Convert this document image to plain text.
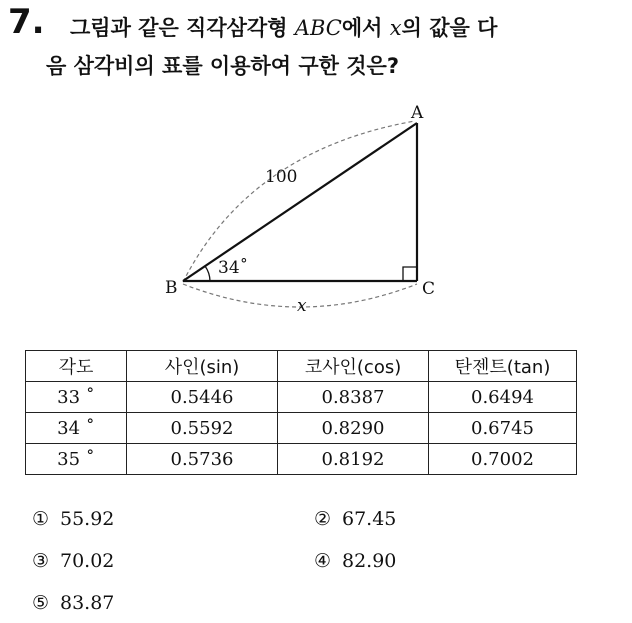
7. 그림과 같은 직각삼각형 ABC에서 x의 값을 다
음 삼각비의 표를 이용하여 구한 것은?
A
B	C
100
34˚
x
각도	사인(sin)	코사인(cos)	탄젠트(tan)
33 ˚	0.5446	0.8387	0.6494
34 ˚	0.5592	0.8290	0.6745
35 ˚	0.5736	0.8192	0.7002
① 55.92	② 67.45
③ 70.02	④ 82.90
⑤ 83.87
